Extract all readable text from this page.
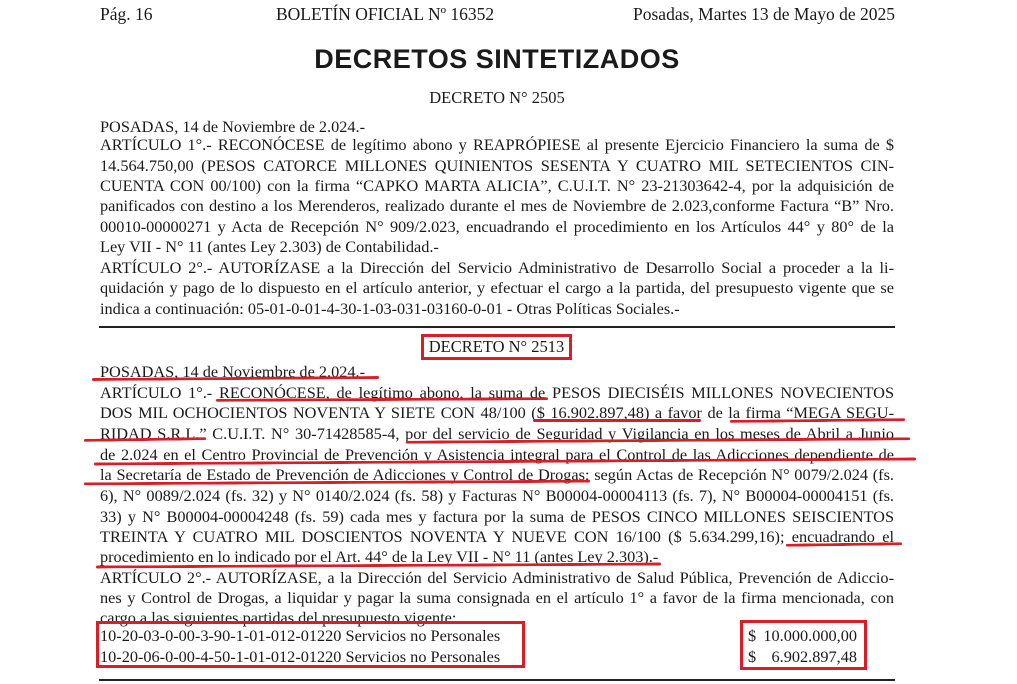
Pág. 16	BOLETÍN OFICIAL Nº 16352	Posadas, Martes 13 de Mayo de 2025
DECRETOS SINTETIZADOS
DECRETO N° 2505
POSADAS, 14 de Noviembre de 2.024.-
ARTÍCULO 1°.- RECONÓCESE de legítimo abono y REAPRÓPIESE al presente Ejercicio Financiero la suma de $
14.564.750,00 (PESOS CATORCE MILLONES QUINIENTOS SESENTA Y CUATRO MIL SETECIENTOS CIN-
CUENTA CON 00/100) con la firma “CAPKO MARTA ALICIA”, C.U.I.T. N° 23-21303642-4, por la adquisición de
panificados con destino a los Merenderos, realizado durante el mes de Noviembre de 2.023,conforme Factura “B” Nro.
00010-00000271 y Acta de Recepción N° 909/2.023, encuadrando el procedimiento en los Artículos 44° y 80° de la
Ley VII - N° 11 (antes Ley 2.303) de Contabilidad.-
ARTÍCULO 2°.- AUTORÍZASE a la Dirección del Servicio Administrativo de Desarrollo Social a proceder a la li-
quidación y pago de lo dispuesto en el artículo anterior, y efectuar el cargo a la partida, del presupuesto vigente que se
indica a continuación: 05-01-0-01-4-30-1-03-031-03160-0-01 - Otras Políticas Sociales.-
DECRETO N° 2513
POSADAS, 14 de Noviembre de 2.024.-
ARTÍCULO 1°.- RECONÓCESE, de legítimo abono, la suma de PESOS DIECISÉIS MILLONES NOVECIENTOS
DOS MIL OCHOCIENTOS NOVENTA Y SIETE CON 48/100 ($ 16.902.897,48) a favor de la firma “MEGA SEGU-
RIDAD S.R.L.” C.U.I.T. N° 30-71428585-4, por del servicio de Seguridad y Vigilancia en los meses de Abril a Junio
de 2.024 en el Centro Provincial de Prevención y Asistencia integral para el Control de las Adicciones dependiente de
la Secretaría de Estado de Prevención de Adicciones y Control de Drogas; según Actas de Recepción N° 0079/2.024 (fs.
6), N° 0089/2.024 (fs. 32) y N° 0140/2.024 (fs. 58) y Facturas N° B00004-00004113 (fs. 7), N° B00004-00004151 (fs.
33) y N° B00004-00004248 (fs. 59) cada mes y factura por la suma de PESOS CINCO MILLONES SEISCIENTOS
TREINTA Y CUATRO MIL DOSCIENTOS NOVENTA Y NUEVE CON 16/100 ($ 5.634.299,16); encuadrando el
procedimiento en lo indicado por el Art. 44° de la Ley VII - N° 11 (antes Ley 2.303).-
ARTÍCULO 2°.- AUTORÍZASE, a la Dirección del Servicio Administrativo de Salud Pública, Prevención de Adiccio-
nes y Control de Drogas, a liquidar y pagar la suma consignada en el artículo 1° a favor de la firma mencionada, con
cargo a las siguientes partidas del presupuesto vigente:
10-20-03-0-00-3-90-1-01-012-01220 Servicios no Personales
10-20-06-0-00-4-50-1-01-012-01220 Servicios no Personales
$ 10.000.000,00
$ 6.902.897,48
